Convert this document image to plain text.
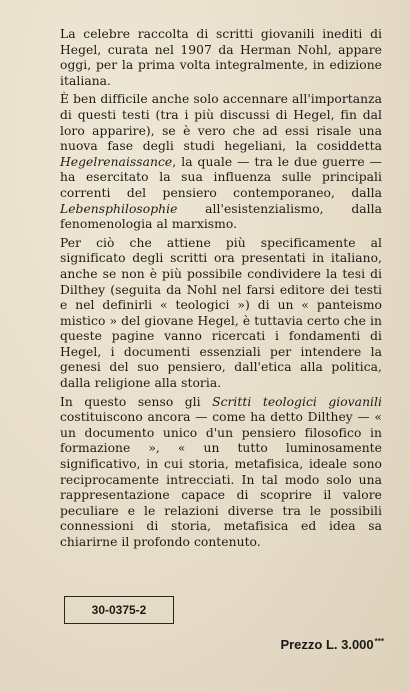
La celebre raccolta di scritti giovanili inediti di Hegel, curata nel 1907 da Herman Nohl, appare oggi, per la prima volta integralmente, in edizione italiana.

È ben difficile anche solo accennare all'importanza di questi testi (tra i più discussi di Hegel, fin dal loro apparire), se è vero che ad essi risale una nuova fase degli studi hegeliani, la cosiddetta Hegelrenaissance, la quale — tra le due guerre — ha esercitato la sua influenza sulle principali correnti del pensiero contemporaneo, dalla Lebensphilosophie all'esistenzialismo, dalla fenomenologia al marxismo.

Per ciò che attiene più specificamente al significato degli scritti ora presentati in italiano, anche se non è più possibile condividere la tesi di Dilthey (seguita da Nohl nel farsi editore dei testi e nel definirli « teologici ») di un « panteismo mistico » del giovane Hegel, è tuttavia certo che in queste pagine vanno ricercati i fondamenti di Hegel, i documenti essenziali per intendere la genesi del suo pensiero, dall'etica alla politica, dalla religione alla storia.

In questo senso gli Scritti teologici giovanili costituiscono ancora — come ha detto Dilthey — « un documento unico d'un pensiero filosofico in formazione », « un tutto luminosamente significativo, in cui storia, metafisica, ideale sono reciprocamente intrecciati. In tal modo solo una rappresentazione capace di scoprire il valore peculiare e le relazioni diverse tra le possibili connessioni di storia, metafisica ed idea sa chiarirne il profondo contenuto.

30-0375-2
Prezzo L. 3.000***
